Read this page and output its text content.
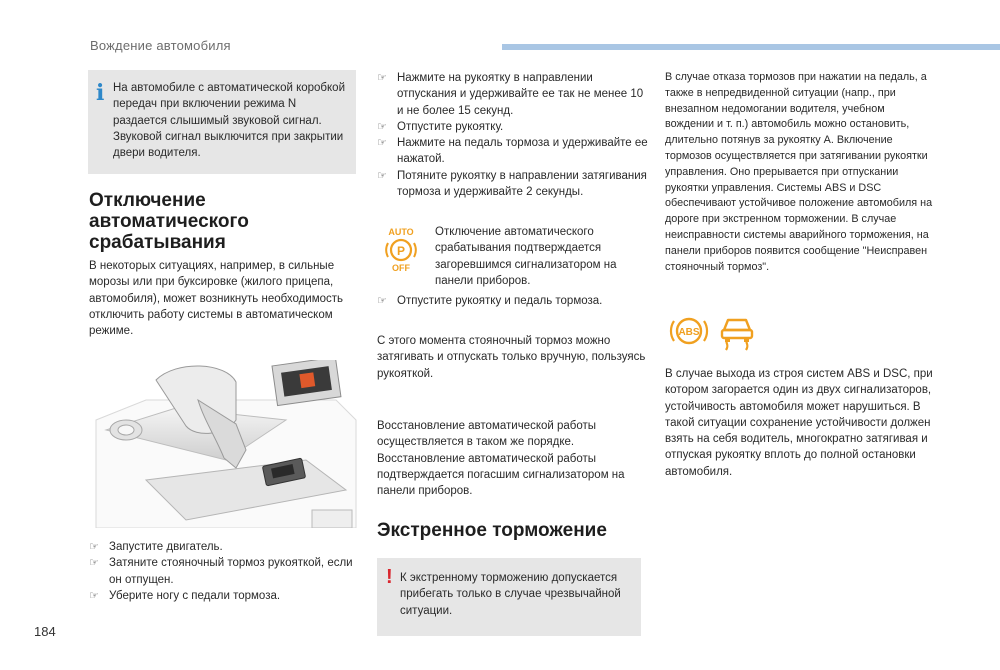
Вождение автомобиля
i На автомобиле с автоматической коробкой передач при включении режима N раздается слышимый звуковой сигнал. Звуковой сигнал выключится при закрытии двери водителя.
Отключение автоматического срабатывания
В некоторых ситуациях, например, в сильные морозы или при буксировке (жилого прицепа, автомобиля), может возникнуть необходимость отключить работу системы в автоматическом режиме.
☞ Запустите двигатель.
☞ Затяните стояночный тормоз рукояткой, если он отпущен.
☞ Уберите ногу с педали тормоза.
☞ Нажмите на рукоятку в направлении отпускания и удерживайте ее так не менее 10 и не более 15 секунд.
☞ Отпустите рукоятку.
☞ Нажмите на педаль тормоза и удерживайте ее нажатой.
☞ Потяните рукоятку в направлении затягивания тормоза и удерживайте 2 секунды.
AUTO
P
OFF
Отключение автоматического срабатывания подтверждается загоревшимся сигнализатором на панели приборов.
☞ Отпустите рукоятку и педаль тормоза.
С этого момента стояночный тормоз можно затягивать и отпускать только вручную, пользуясь рукояткой.
Восстановление автоматической работы осуществляется в таком же порядке. Восстановление автоматической работы подтверждается погасшим сигнализатором на панели приборов.
Экстренное торможение
! К экстренному торможению допускается прибегать только в случае чрезвычайной ситуации.
В случае отказа тормозов при нажатии на педаль, а также в непредвиденной ситуации (напр., при внезапном недомогании водителя, учебном вождении и т. п.) автомобиль можно остановить, длительно потянув за рукоятку A. Включение тормозов осуществляется при затягивании рукоятки управления. Оно прерывается при отпускании рукоятки управления. Системы ABS и DSC обеспечивают устойчивое положение автомобиля на дороге при экстренном торможении. В случае неисправности системы аварийного торможения, на панели приборов появится сообщение "Неисправен стояночный тормоз".
ABS
В случае выхода из строя систем ABS и DSC, при котором загорается один из двух сигнализаторов, устойчивость автомобиля может нарушиться. В такой ситуации сохранение устойчивости должен взять на себя водитель, многократно затягивая и отпуская рукоятку вплоть до полной остановки автомобиля.
184
